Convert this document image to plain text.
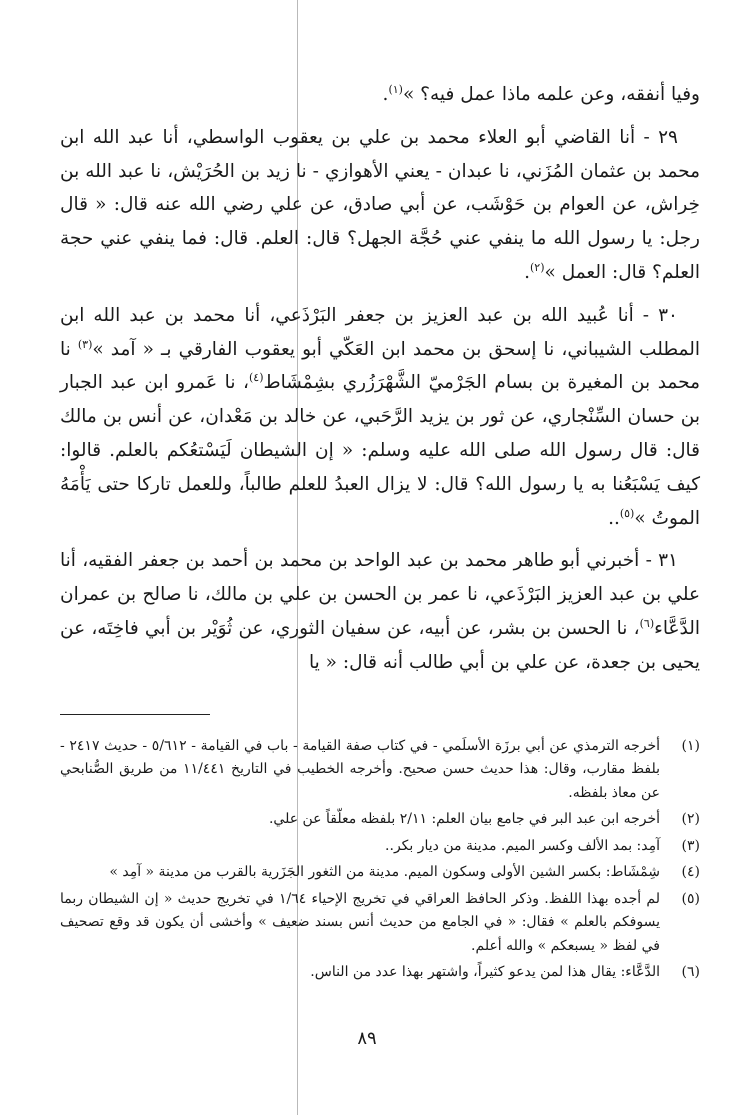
وفيا أنفقه، وعن علمه ماذا عمل فيه؟ »$^{(١)}$.

٢٩ - أنا القاضي أبو العلاء محمد بن علي بن يعقوب الواسطي، أنا عبد الله ابن محمد بن عثمان المُزَني، نا عبدان - يعني الأهوازي - نا زيد بن الحُرَيْش، نا عبد الله بن خِراش، عن العوام بن حَوْشَب، عن أبي صادق، عن علي رضي الله عنه قال: « قال رجل: يا رسول الله ما ينفي عني حُجَّة الجهل؟ قال: العلم. قال: فما ينفي عني حجة العلم؟ قال: العمل »$^{(٢)}$.

٣٠ - أنا عُبيد الله بن عبد العزيز بن جعفر البَرْذَعي، أنا محمد بن عبد الله ابن المطلب الشيباني، نا إسحق بن محمد ابن العَكّي أبو يعقوب الفارقي بـ « آمد »$^{(٣)}$ نا محمد بن المغيرة بن بسام الجَرْميّ الشَّهْرَزُري بشِمْشَاط$^{(٤)}$، نا عَمرو ابن عبد الجبار بن حسان السِّنْجاري، عن ثور بن يزيد الرَّحَبي، عن خالد بن مَعْدان، عن أنس بن مالك قال: قال رسول الله صلى الله عليه وسلم: « إن الشيطان لَيَسْتعُكم بالعلم. قالوا: كيف يَسْبَعُنا به يا رسول الله؟ قال: لا يزال العبدُ للعلم طالباً، وللعمل تاركا حتى يَأْمَهُ الموتُ »$^{(٥)}$..

٣١ - أخبرني أبو طاهر محمد بن عبد الواحد بن محمد بن أحمد بن جعفر الفقيه، أنا علي بن عبد العزيز البَرْذَعي، نا عمر بن الحسن بن علي بن مالك، نا صالح بن عمران الدَّعَّاء$^{(٦)}$، نا الحسن بن بشر، عن أبيه، عن سفيان الثوري، عن ثُوَيْر بن أبي فاخِتَه، عن يحيى بن جعدة، عن علي بن أبي طالب أنه قال: « يا

(١)
أخرجه الترمذي عن أبي برزَة الأسلَمي - في كتاب صفة القيامة - باب في القيامة - ٥/٦١٢ - حديث ٢٤١٧ - بلفظ مقارب، وقال: هذا حديث حسن صحيح. وأخرجه الخطيب في التاريخ ١١/٤٤١ من طريق الصُّنابحي عن معاذ بلفظه.
(٢)
أخرجه ابن عبد البر في جامع بيان العلم: ٢/١١ بلفظه معلّقاً عن علي.
(٣)
آمِد: بمد الألف وكسر الميم. مدينة من ديار بكر..
(٤)
شِمْشَاط: بكسر الشين الأولى وسكون الميم. مدينة من الثغور الجَزَرية بالقرب من مدينة « آمِد »
(٥)
لم أجده بهذا اللفظ. وذكر الحافظ العراقي في تخريج الإحياء ١/٦٤ في تخريج حديث « إن الشيطان ربما يسوفكم بالعلم » فقال: « في الجامع من حديث أنس بسند ضعيف » وأخشى أن يكون قد وقع تصحيف في لفظ « يسبعكم » والله أعلم.
(٦)
الدَّعَّاء: يقال هذا لمن يدعو كثيراً، واشتهر بهذا عدد من الناس.
٨٩
